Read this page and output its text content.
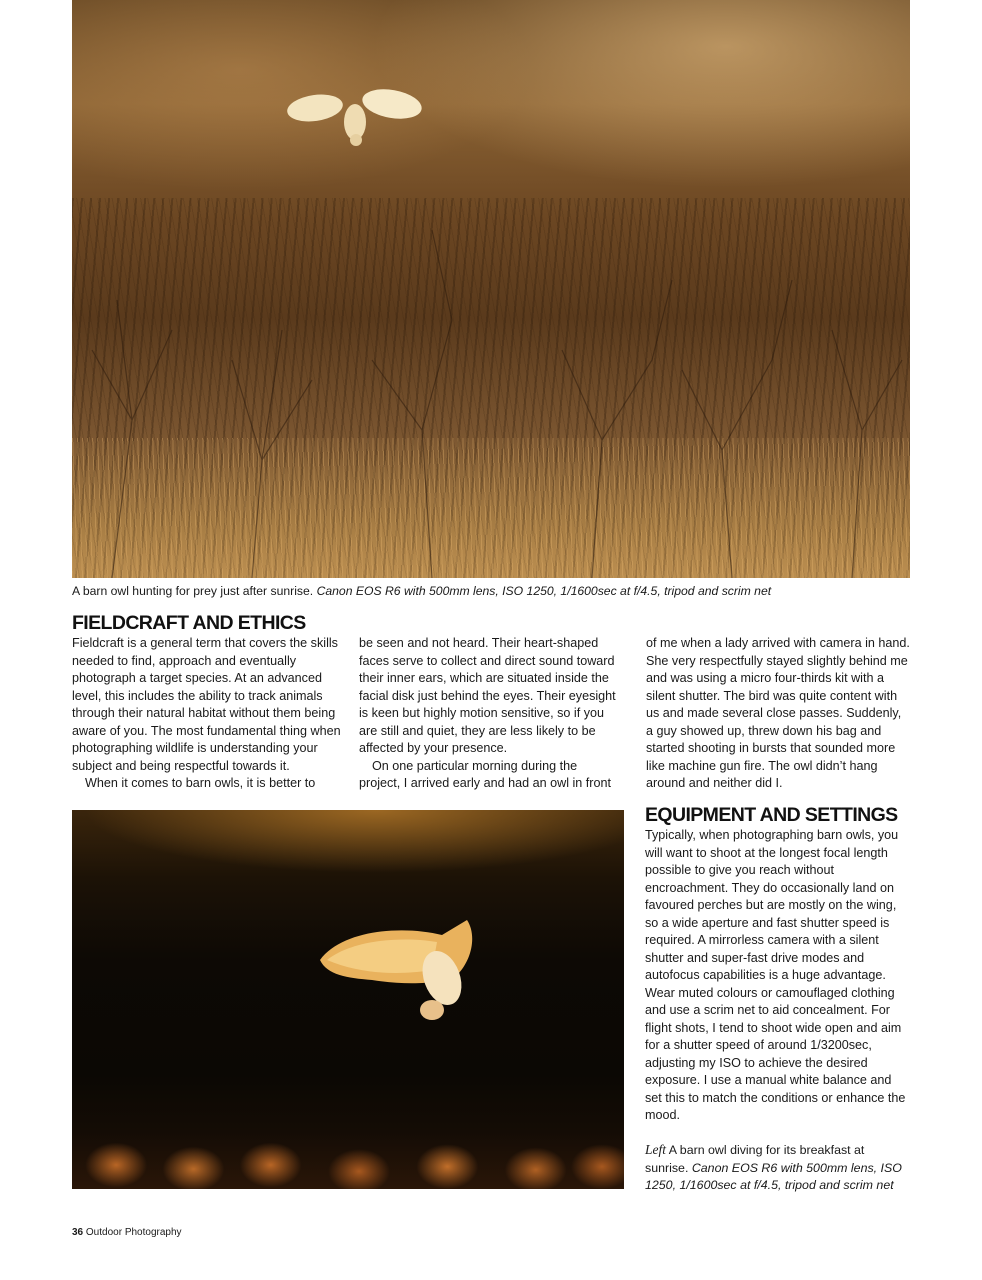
A barn owl hunting for prey just after sunrise. Canon EOS R6 with 500mm lens, ISO 1250, 1/1600sec at f/4.5, tripod and scrim net
FIELDCRAFT AND ETHICS

Fieldcraft is a general term that covers the skills needed to find, approach and eventually photograph a target species. At an advanced level, this includes the ability to track animals through their natural habitat without them being aware of you. The most fundamental thing when photographing wildlife is understanding your subject and being respectful towards it.

When it comes to barn owls, it is better to

be seen and not heard. Their heart-shaped faces serve to collect and direct sound toward their inner ears, which are situated inside the facial disk just behind the eyes. Their eyesight is keen but highly motion sensitive, so if you are still and quiet, they are less likely to be affected by your presence.

On one particular morning during the project, I arrived early and had an owl in front

of me when a lady arrived with camera in hand. She very respectfully stayed slightly behind me and was using a micro four-thirds kit with a silent shutter. The bird was quite content with us and made several close passes. Suddenly, a guy showed up, threw down his bag and started shooting in bursts that sounded more like machine gun fire. The owl didn’t hang around and neither did I.

EQUIPMENT AND SETTINGS

Typically, when photographing barn owls, you will want to shoot at the longest focal length possible to give you reach without encroachment. They do occasionally land on favoured perches but are mostly on the wing, so a wide aperture and fast shutter speed is required. A mirrorless camera with a silent shutter and super-fast drive modes and autofocus capabilities is a huge advantage. Wear muted colours or camouflaged clothing and use a scrim net to aid concealment. For flight shots, I tend to shoot wide open and aim for a shutter speed of around 1/3200sec, adjusting my ISO to achieve the desired exposure. I use a manual white balance and set this to match the conditions or enhance the mood.

Left A barn owl diving for its breakfast at sunrise. Canon EOS R6 with 500mm lens, ISO 1250, 1/1600sec at f/4.5, tripod and scrim net
36 Outdoor Photography
